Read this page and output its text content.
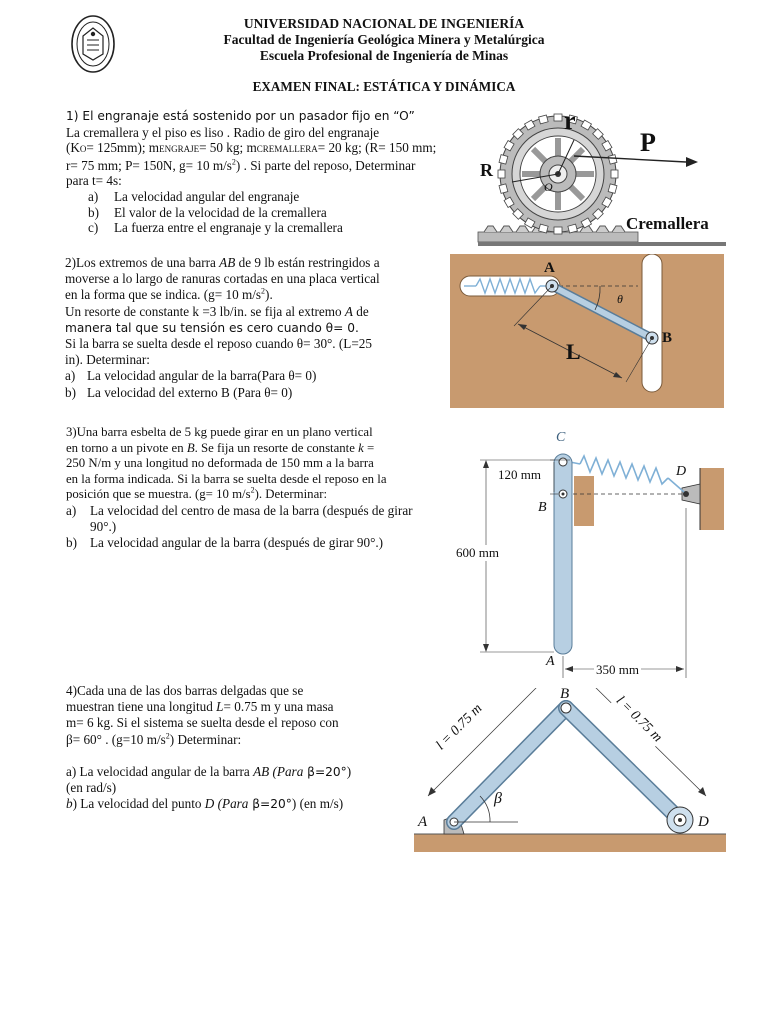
UNIVERSIDAD NACIONAL DE INGENIERÍA
Facultad de Ingeniería Geológica Minera y Metalúrgica
Escuela Profesional de Ingeniería de Minas
EXAMEN FINAL: ESTÁTICA Y DINÁMICA

1) El engranaje está sostenido por un pasador fijo en “O”

La cremallera y el piso es liso . Radio de giro del engranaje

(KO= 125mm); mENGRAJE= 50 kg; mCREMALLERA= 20 kg; (R= 150 mm;

r= 75 mm; P= 150N, g= 10 $m/s^2$) . Si parte del reposo, Determinar

para t= 4s:

a) La velocidad angular del engranaje
b) El valor de la velocidad de la cremallera
c) La fuerza entre el engranaje y la cremallera
r
P
R
O
Cremallera

2)Los extremos de una barra AB de 9 lb están restringidos a

moverse a lo largo de ranuras cortadas en una placa vertical

en la forma que se indica. (g= 10 $m/s^2$).

Un resorte de constante k =3 lb/in. se fija al extremo A de

manera tal que su tensión es cero cuando θ= 0.

Si la barra se suelta desde el reposo cuando θ= 30°. (L=25

in). Determinar:

a) La velocidad angular de la barra(Para θ= 0)
b) La velocidad del externo B (Para θ= 0)
A
B
L
θ

3)Una barra esbelta de 5 kg puede girar en un plano vertical

en torno a un pivote en B. Se fija un resorte de constante k =

250 N/m y una longitud no deformada de 150 mm a la barra

en la forma indicada. Si la barra se suelta desde el reposo en la

posición que se muestra. (g= 10 $m/s^2$). Determinar:

a) La velocidad del centro de masa de la barra (después de girar 90°.)
b) La velocidad angular de la barra (después de girar 90°.)
C
B
D
A
120 mm
600 mm
350 mm

4)Cada una de las dos barras delgadas que se

muestran tiene una longitud L= 0.75 m y una masa

m= 6 kg. Si el sistema se suelta desde el reposo con

β= 60° . (g=10 $m/s^2$) Determinar:

a) La velocidad angular de la barra AB (Para β=20°)

(en rad/s)

b) La velocidad del punto D (Para β=20°) (en m/s)

A
B
D
β
l = 0.75 m	l = 0.75 m
